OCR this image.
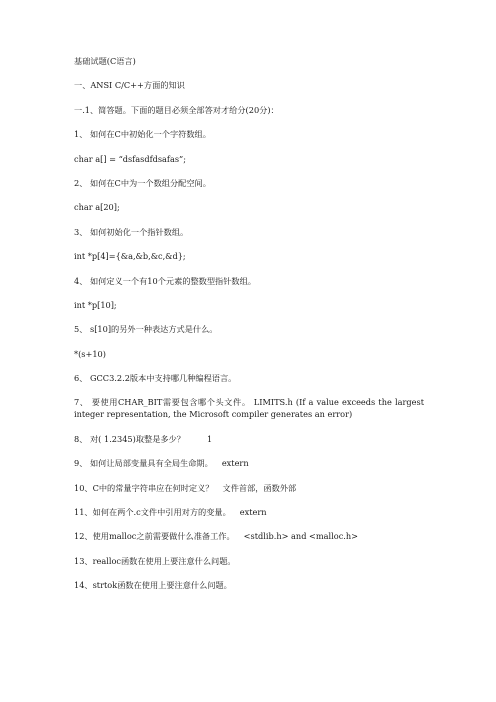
基础试题(C语言)
一、ANSI C/C++方面的知识
一.1、简答题。下面的题目必须全部答对才给分(20分)：
1、 如何在C中初始化一个字符数组。
char a[] = “dsfasdfdsafas”;
2、 如何在C中为一个数组分配空间。
char a[20];
3、 如何初始化一个指针数组。
int *p[4]={&a,&b,&c,&d};
4、 如何定义一个有10个元素的整数型指针数组。
int *p[10];
5、 s[10]的另外一种表达方式是什么。
*(s+10)
6、 GCC3.2.2版本中支持哪几种编程语言。
7、 要使用CHAR_BIT需要包含哪个头文件。 LIMITS.h (If a value exceeds the largest integer representation, the Microsoft compiler generates an error)
8、 对( 1.2345)取整是多少？	1
9、 如何让局部变量具有全局生命期。 extern
10、C中的常量字符串应在何时定义？ 文件首部，函数外部
11、如何在两个.c文件中引用对方的变量。 extern
12、使用malloc之前需要做什么准备工作。 <stdlib.h> and <malloc.h>
13、realloc函数在使用上要注意什么问题。
14、strtok函数在使用上要注意什么问题。
